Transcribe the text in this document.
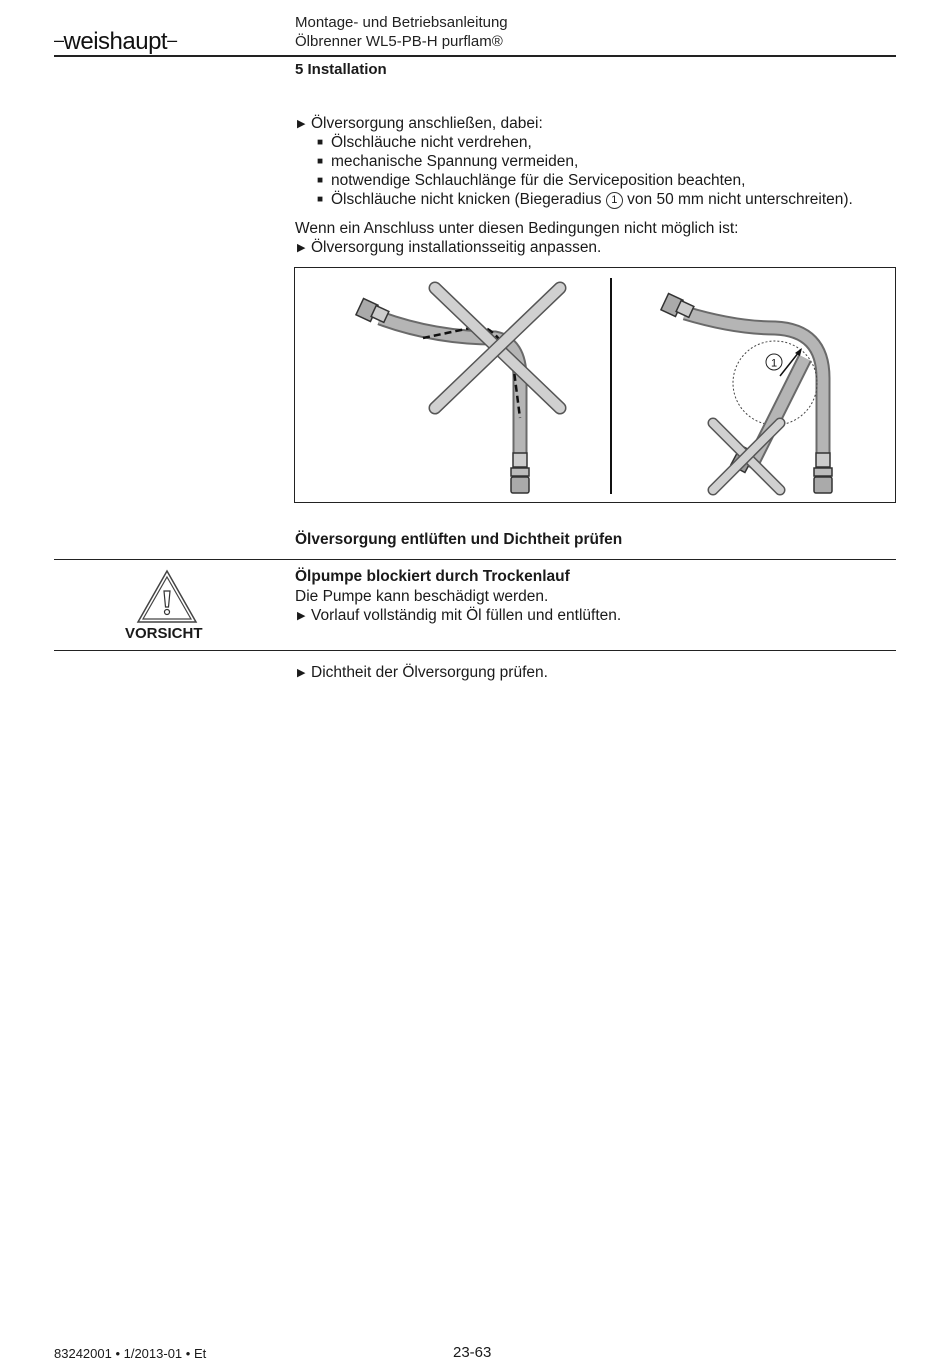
–weishaupt–
Montage- und Betriebsanleitung
Ölbrenner WL5-PB-H purflam®
5 Installation
▶ Ölversorgung anschließen, dabei:
■ Ölschläuche nicht verdrehen,
■ mechanische Spannung vermeiden,
■ notwendige Schlauchlänge für die Serviceposition beachten,
■ Ölschläuche nicht knicken (Biegeradius 1 von 50 mm nicht unterschreiten).
Wenn ein Anschluss unter diesen Bedingungen nicht möglich ist:
▶ Ölversorgung installationsseitig anpassen.
1
Ölversorgung entlüften und Dichtheit prüfen
VORSICHT
Ölpumpe blockiert durch Trockenlauf
Die Pumpe kann beschädigt werden.
▶ Vorlauf vollständig mit Öl füllen und entlüften.
▶ Dichtheit der Ölversorgung prüfen.
83242001 • 1/2013-01 • Et	23-63
